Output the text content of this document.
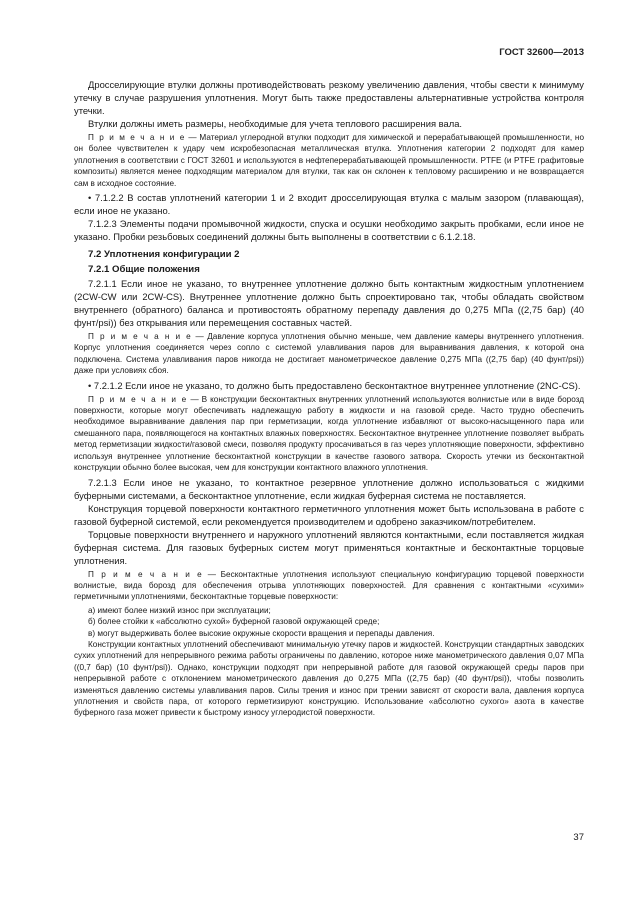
ГОСТ 32600—2013

Дросселирующие втулки должны противодействовать резкому увеличению давления, чтобы свести к минимуму утечку в случае разрушения уплотнения. Могут быть также предоставлены альтернативные устройства контроля утечки.

Втулки должны иметь размеры, необходимые для учета теплового расширения вала.

П р и м е ч а н и е — Материал углеродной втулки подходит для химической и перерабатывающей промышленности, но он более чувствителен к удару чем искробезопасная металлическая втулка. Уплотнения категории 2 подходят для камер уплотнения в соответствии с ГОСТ 32601 и используются в нефтеперерабатывающей промышленности. PTFE (и PTFE графитовые композиты) является менее подходящим материалом для втулки, так как он склонен к тепловому расширению и не возвращается сам в исходное состояние.

• 7.1.2.2 В состав уплотнений категории 1 и 2 входит дросселирующая втулка с малым зазором (плавающая), если иное не указано.

7.1.2.3 Элементы подачи промывочной жидкости, спуска и осушки необходимо закрыть пробками, если иное не указано. Пробки резьбовых соединений должны быть выполнены в соответствии с 6.1.2.18.

7.2 Уплотнения конфигурации 2

7.2.1 Общие положения

7.2.1.1 Если иное не указано, то внутреннее уплотнение должно быть контактным жидкостным уплотнением (2CW-CW или 2CW-CS). Внутреннее уплотнение должно быть спроектировано так, чтобы обладать свойством внутреннего (обратного) баланса и противостоять обратному перепаду давления до 0,275 МПа ((2,75 бар) (40 фунт/psi)) без открывания или перемещения составных частей.

П р и м е ч а н и е — Давление корпуса уплотнения обычно меньше, чем давление камеры внутреннего уплотнения. Корпус уплотнения соединяется через сопло с системой улавливания паров для выравнивания давления, к которой она подключена. Система улавливания паров никогда не достигает манометрическое давление 0,275 МПа ((2,75 бар) (40 фунт/psi)) даже при условиях сбоя.

• 7.2.1.2 Если иное не указано, то должно быть предоставлено бесконтактное внутреннее уплотнение (2NC-CS).

П р и м е ч а н и е — В конструкции бесконтактных внутренних уплотнений используются волнистые или в виде борозд поверхности, которые могут обеспечивать надлежащую работу в жидкости и на газовой среде. Часто трудно обеспечить необходимое выравнивание давления пар при герметизации, когда уплотнение избавляют от высоко-насыщенного пара или смешанного пара, появляющегося на контактных влажных поверхностях. Бесконтактное внутреннее уплотнение позволяет выбрать метод герметизации жидкости/газовой смеси, позволяя продукту просачиваться в газ через уплотняющие поверхности, эффективно используя внутреннее уплотнение бесконтактной конструкции в качестве газового затвора. Скорость утечки из бесконтактной конструкции обычно более высокая, чем для конструкции контактного влажного уплотнения.

7.2.1.3 Если иное не указано, то контактное резервное уплотнение должно использоваться с жидкими буферными системами, а бесконтактное уплотнение, если жидкая буферная система не поставляется.

Конструкция торцевой поверхности контактного герметичного уплотнения может быть использована в работе с газовой буферной системой, если рекомендуется производителем и одобрено заказчиком/потребителем.

Торцовые поверхности внутреннего и наружного уплотнений являются контактными, если поставляется жидкая буферная система. Для газовых буферных систем могут применяться контактные и бесконтактные торцовые уплотнения.

П р и м е ч а н и е — Бесконтактные уплотнения используют специальную конфигурацию торцевой поверхности волнистые, вида борозд для обеспечения отрыва уплотняющих поверхностей. Для сравнения с контактными «сухими» герметичными уплотнениями, бесконтактные торцевые поверхности:

а) имеют более низкий износ при эксплуатации;

б) более стойки к «абсолютно сухой» буферной газовой окружающей среде;

в) могут выдерживать более высокие окружные скорости вращения и перепады давления.

Конструкции контактных уплотнений обеспечивают минимальную утечку паров и жидкостей. Конструкции стандартных заводских сухих уплотнений для непрерывного режима работы ограничены по давлению, которое ниже манометрического давления 0,07 МПа ((0,7 бар) (10 фунт/psi)). Однако, конструкции подходят при непрерывной работе для газовой окружающей среды паров при непрерывной работе с отклонением манометрического давления до 0,275 МПа ((2,75 бар) (40 фунт/psi)), чтобы позволить изменяться давлению системы улавливания паров. Силы трения и износ при трении зависят от скорости вала, давления корпуса уплотнения и свойств пара, от которого герметизируют конструкцию. Использование «абсолютно сухого» азота в качестве буферного газа может привести к быстрому износу углеродистой поверхности.

37
